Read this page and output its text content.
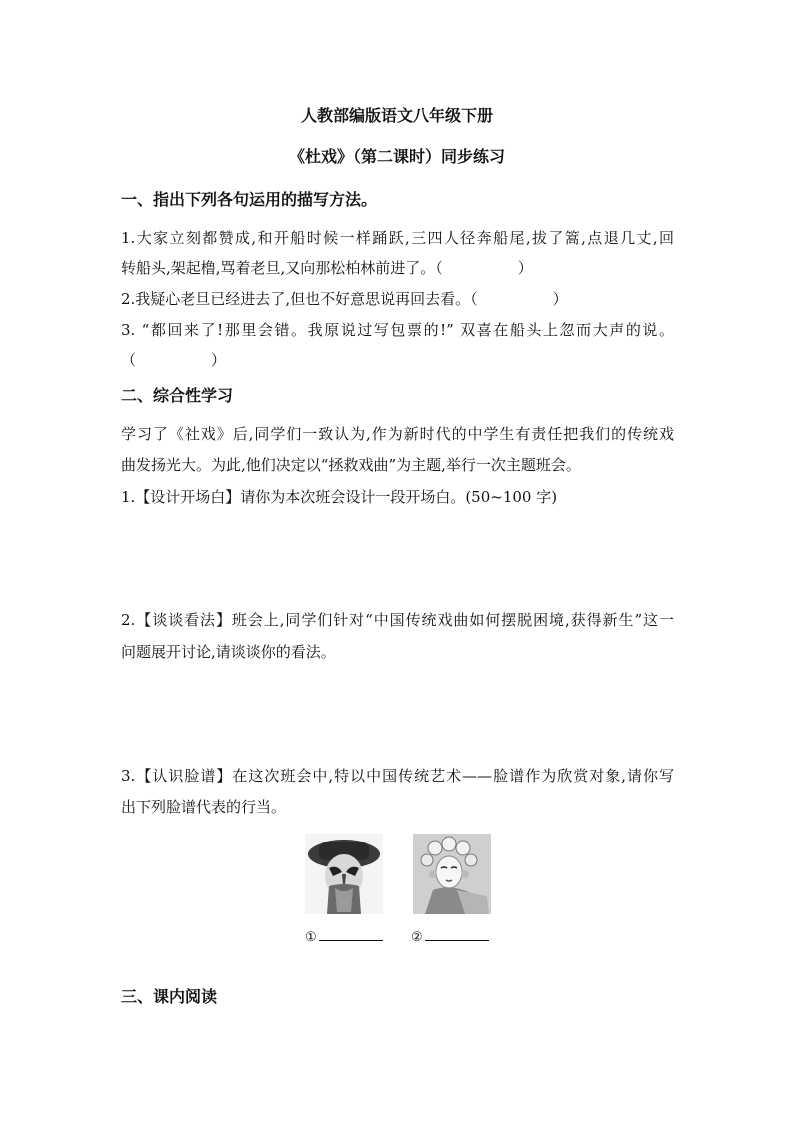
人教部编版语文八年级下册
《杜戏》（第二课时）同步练习
一、指出下列各句运用的描写方法。
1.大家立刻都赞成,和开船时候一样踊跃,三四人径奔船尾,拔了篙,点退几丈,回
转船头,架起橹,骂着老旦,又向那松柏林前进了。（　　　　　）
2.我疑心老旦已经进去了,但也不好意思说再回去看。（　　　　　）
3. “都回来了!那里会错。我原说过写包票的!” 双喜在船头上忽而大声的说。
（　　　　　）
二、综合性学习
学习了《社戏》后,同学们一致认为,作为新时代的中学生有责任把我们的传统戏
曲发扬光大。为此,他们决定以“拯救戏曲”为主题,举行一次主题班会。
1.【设计开场白】请你为本次班会设计一段开场白。(50~100 字)
2.【谈谈看法】班会上,同学们针对“中国传统戏曲如何摆脱困境,获得新生”这一
问题展开讨论,请谈谈你的看法。
3.【认识脸谱】在这次班会中,特以中国传统艺术——脸谱作为欣赏对象,请你写
出下列脸谱代表的行当。
①	②
三、课内阅读
